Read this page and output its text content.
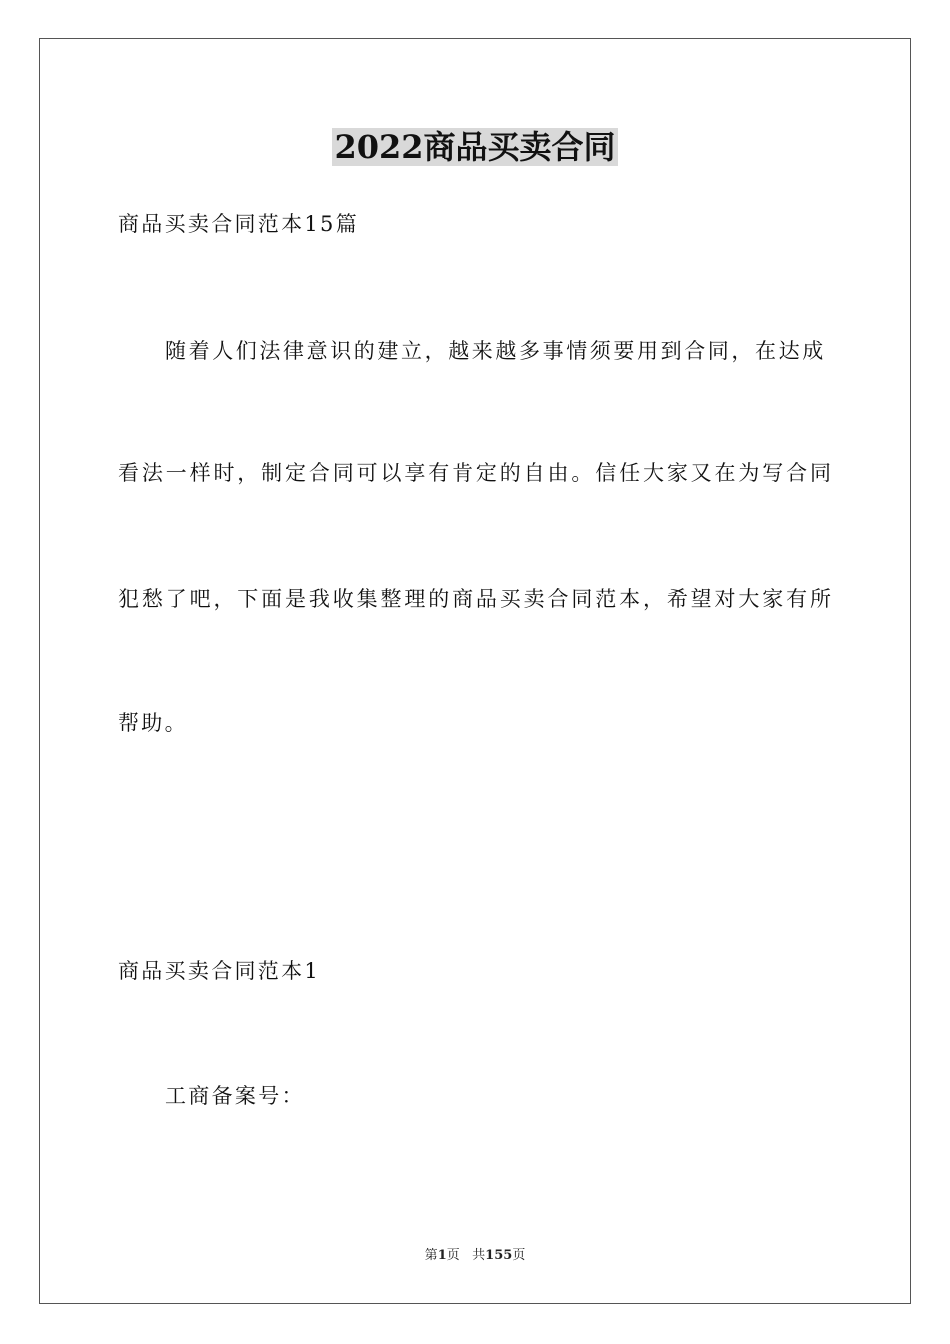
2022商品买卖合同
商品买卖合同范本15篇
随着人们法律意识的建立，越来越多事情须要用到合同，在达成
看法一样时，制定合同可以享有肯定的自由。信任大家又在为写合同
犯愁了吧，下面是我收集整理的商品买卖合同范本，希望对大家有所
帮助。
商品买卖合同范本1
工商备案号：
第1页 共155页
